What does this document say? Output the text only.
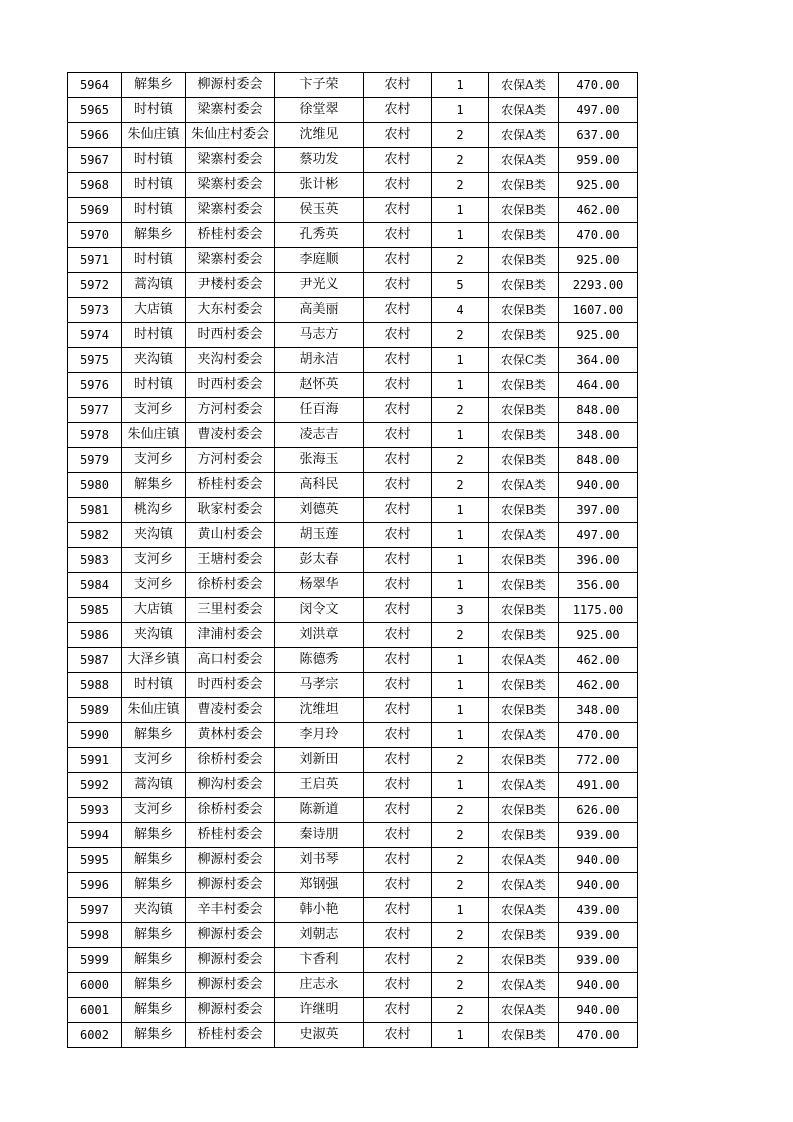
5964	解集乡	柳源村委会	卞子荣	农村	1	农保A类	470.00
5965	时村镇	梁寨村委会	徐堂翠	农村	1	农保A类	497.00
5966	朱仙庄镇	朱仙庄村委会	沈维见	农村	2	农保A类	637.00
5967	时村镇	梁寨村委会	蔡功发	农村	2	农保A类	959.00
5968	时村镇	梁寨村委会	张计彬	农村	2	农保B类	925.00
5969	时村镇	梁寨村委会	侯玉英	农村	1	农保B类	462.00
5970	解集乡	桥桂村委会	孔秀英	农村	1	农保B类	470.00
5971	时村镇	梁寨村委会	李庭顺	农村	2	农保B类	925.00
5972	蒿沟镇	尹楼村委会	尹光义	农村	5	农保B类	2293.00
5973	大店镇	大东村委会	高美丽	农村	4	农保B类	1607.00
5974	时村镇	时西村委会	马志方	农村	2	农保B类	925.00
5975	夹沟镇	夹沟村委会	胡永洁	农村	1	农保C类	364.00
5976	时村镇	时西村委会	赵怀英	农村	1	农保B类	464.00
5977	支河乡	方河村委会	任百海	农村	2	农保B类	848.00
5978	朱仙庄镇	曹凌村委会	凌志吉	农村	1	农保B类	348.00
5979	支河乡	方河村委会	张海玉	农村	2	农保B类	848.00
5980	解集乡	桥桂村委会	高科民	农村	2	农保A类	940.00
5981	桃沟乡	耿家村委会	刘德英	农村	1	农保B类	397.00
5982	夹沟镇	黄山村委会	胡玉莲	农村	1	农保A类	497.00
5983	支河乡	王塘村委会	彭太春	农村	1	农保B类	396.00
5984	支河乡	徐桥村委会	杨翠华	农村	1	农保B类	356.00
5985	大店镇	三里村委会	闵令文	农村	3	农保B类	1175.00
5986	夹沟镇	津浦村委会	刘洪章	农村	2	农保B类	925.00
5987	大泽乡镇	高口村委会	陈德秀	农村	1	农保A类	462.00
5988	时村镇	时西村委会	马孝宗	农村	1	农保B类	462.00
5989	朱仙庄镇	曹凌村委会	沈维坦	农村	1	农保B类	348.00
5990	解集乡	黄林村委会	李月玲	农村	1	农保A类	470.00
5991	支河乡	徐桥村委会	刘新田	农村	2	农保B类	772.00
5992	蒿沟镇	柳沟村委会	王启英	农村	1	农保A类	491.00
5993	支河乡	徐桥村委会	陈新道	农村	2	农保B类	626.00
5994	解集乡	桥桂村委会	秦诗朋	农村	2	农保B类	939.00
5995	解集乡	柳源村委会	刘书琴	农村	2	农保A类	940.00
5996	解集乡	柳源村委会	郑钢强	农村	2	农保A类	940.00
5997	夹沟镇	辛丰村委会	韩小艳	农村	1	农保A类	439.00
5998	解集乡	柳源村委会	刘朝志	农村	2	农保B类	939.00
5999	解集乡	柳源村委会	卞香利	农村	2	农保B类	939.00
6000	解集乡	柳源村委会	庄志永	农村	2	农保A类	940.00
6001	解集乡	柳源村委会	许继明	农村	2	农保A类	940.00
6002	解集乡	桥桂村委会	史淑英	农村	1	农保B类	470.00
